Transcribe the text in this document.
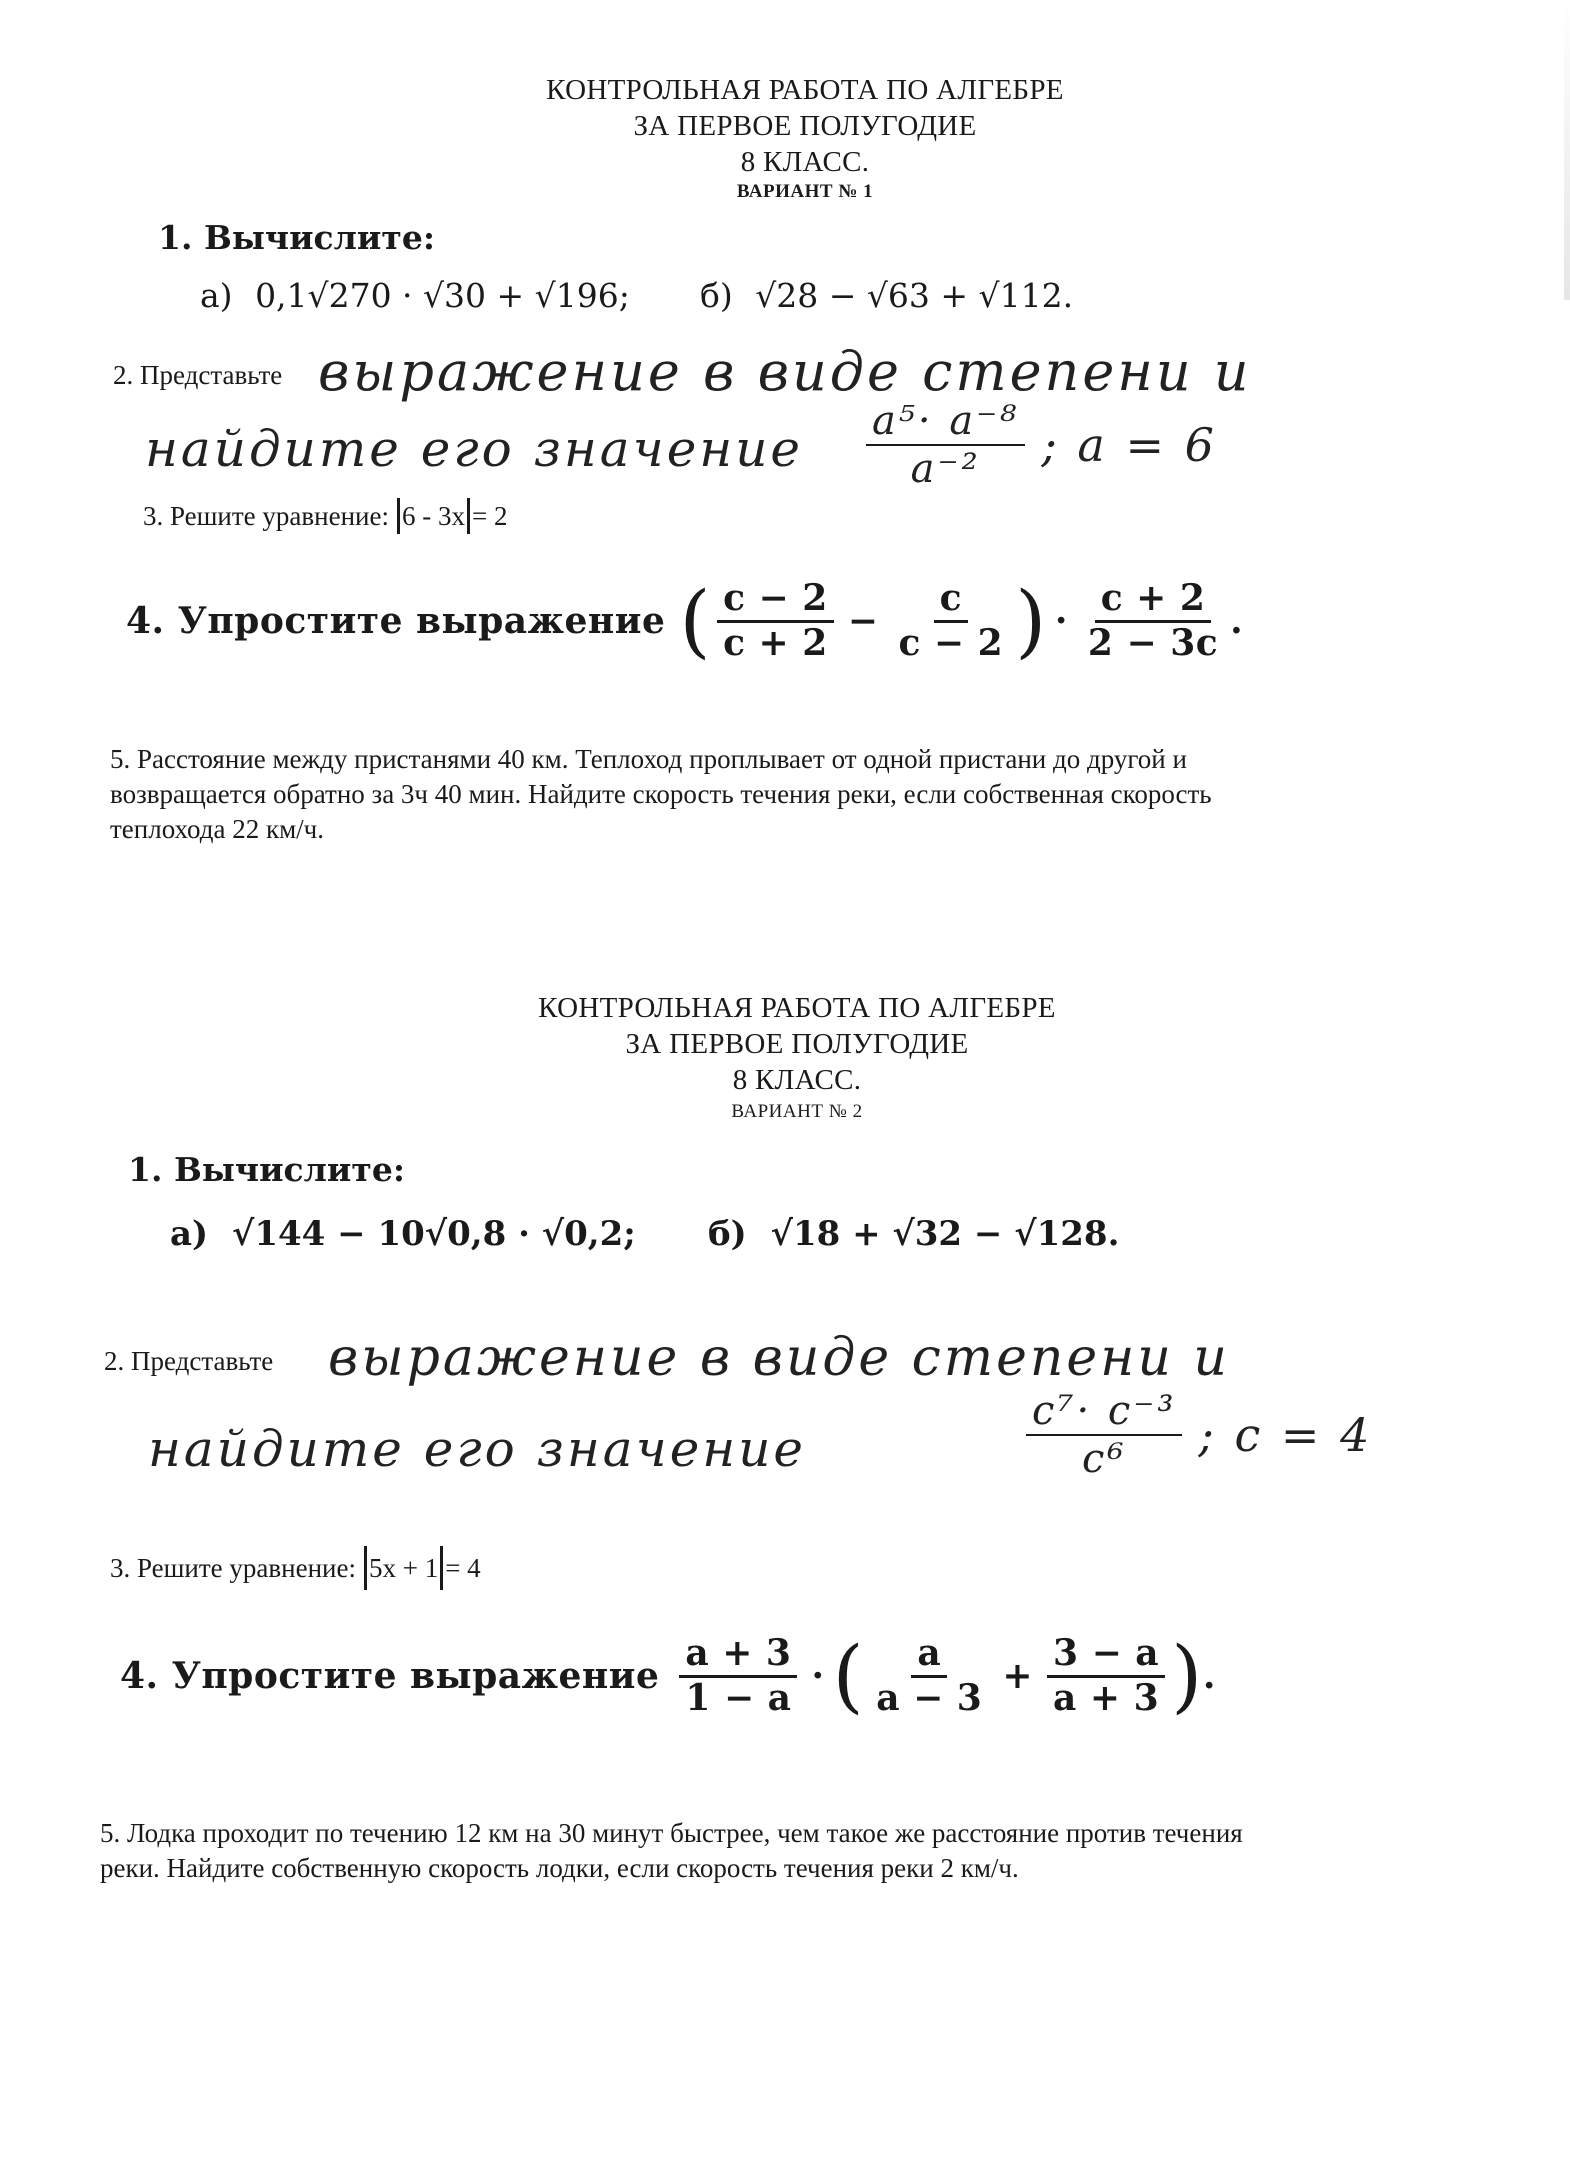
КОНТРОЛЬНАЯ РАБОТА ПО АЛГЕБРЕ
ЗА ПЕРВОЕ ПОЛУГОДИЕ
8 КЛАСС.
ВАРИАНТ № 1
1. Вычислите:
а) 0,1√270 · √30 + √196; б) √28 − √63 + √112.
2. Представьте выражение в виде степени и
найдите его значение $\frac{\text{a⁵· a⁻⁸}}{\text{a⁻²}}$ ; a = 6
3. Решите уравнение: 6 - 3x = 2
4. Упростите выражение ( $\frac{c - 2}{c + 2} - \frac{c}{c - 2}$ ) · $\frac{c + 2}{2 - 3c}$ .
5. Расстояние между пристанями 40 км. Теплоход проплывает от одной пристани до другой и
возвращается обратно за 3ч 40 мин. Найдите скорость течения реки, если собственная скорость
теплохода 22 км/ч.
КОНТРОЛЬНАЯ РАБОТА ПО АЛГЕБРЕ
ЗА ПЕРВОЕ ПОЛУГОДИЕ
8 КЛАСС.
ВАРИАНТ № 2
1. Вычислите:
а) √144 − 10√0,8 · √0,2; б) √18 + √32 − √128.
2. Представьте выражение в виде степени и
найдите его значение	$\frac{\text{c⁷· c⁻³}}{\text{c⁶}}$ ; c = 4
3. Решите уравнение: 5x + 1 = 4
4. Упростите выражение $\frac{a + 3}{1 - a}$ · ( $\frac{a}{a - 3} + \frac{3 - a}{a + 3}$ ) .
5. Лодка проходит по течению 12 км на 30 минут быстрее, чем такое же расстояние против течения
реки. Найдите собственную скорость лодки, если скорость течения реки 2 км/ч.
